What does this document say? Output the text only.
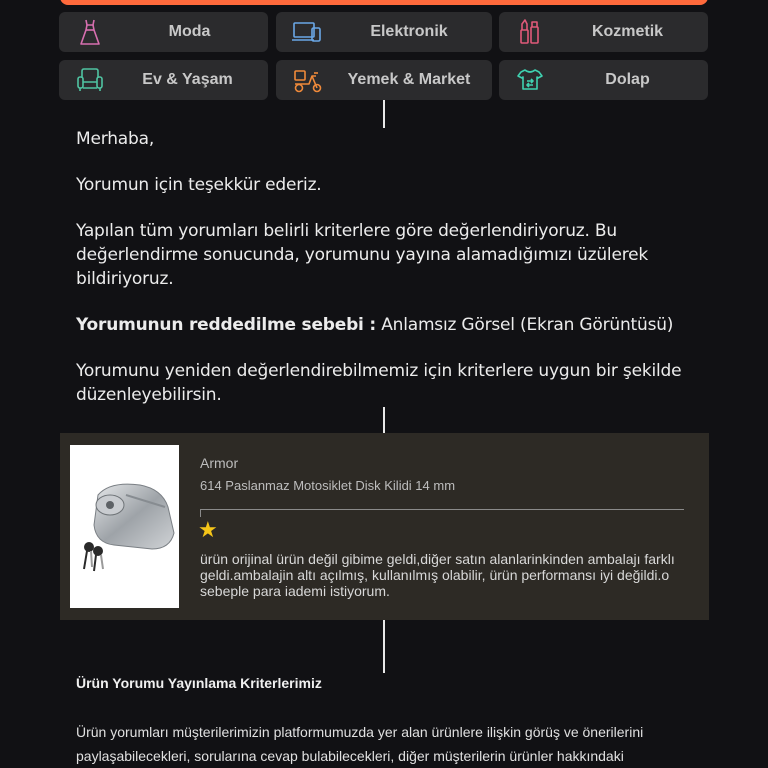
Moda	Elektronik	Kozmetik
Ev & Yaşam	Yemek & Market	Dolap
Merhaba,
Yorumun için teşekkür ederiz.
Yapılan tüm yorumları belirli kriterlere göre değerlendiriyoruz. Bu değerlendirme sonucunda, yorumunu yayına alamadığımızı üzülerek bildiriyoruz.
Yorumunun reddedilme sebebi : Anlamsız Görsel (Ekran Görüntüsü)
Yorumunu yeniden değerlendirebilmemiz için kriterlere uygun bir şekilde düzenleyebilirsin.
Armor
614 Paslanmaz Motosiklet Disk Kilidi 14 mm
★
ürün orijinal ürün değil gibime geldi,diğer satın alanlarinkinden ambalajı farklı geldi.ambalajin altı açılmış, kullanılmış olabilir, ürün performansı iyi değildi.o sebeple para iademi istiyorum.
Ürün Yorumu Yayınlama Kriterlerimiz
Ürün yorumları müşterilerimizin platformumuzda yer alan ürünlere ilişkin görüş ve önerilerini paylaşabilecekleri, sorularına cevap bulabilecekleri, diğer müşterilerin ürünler hakkındaki
